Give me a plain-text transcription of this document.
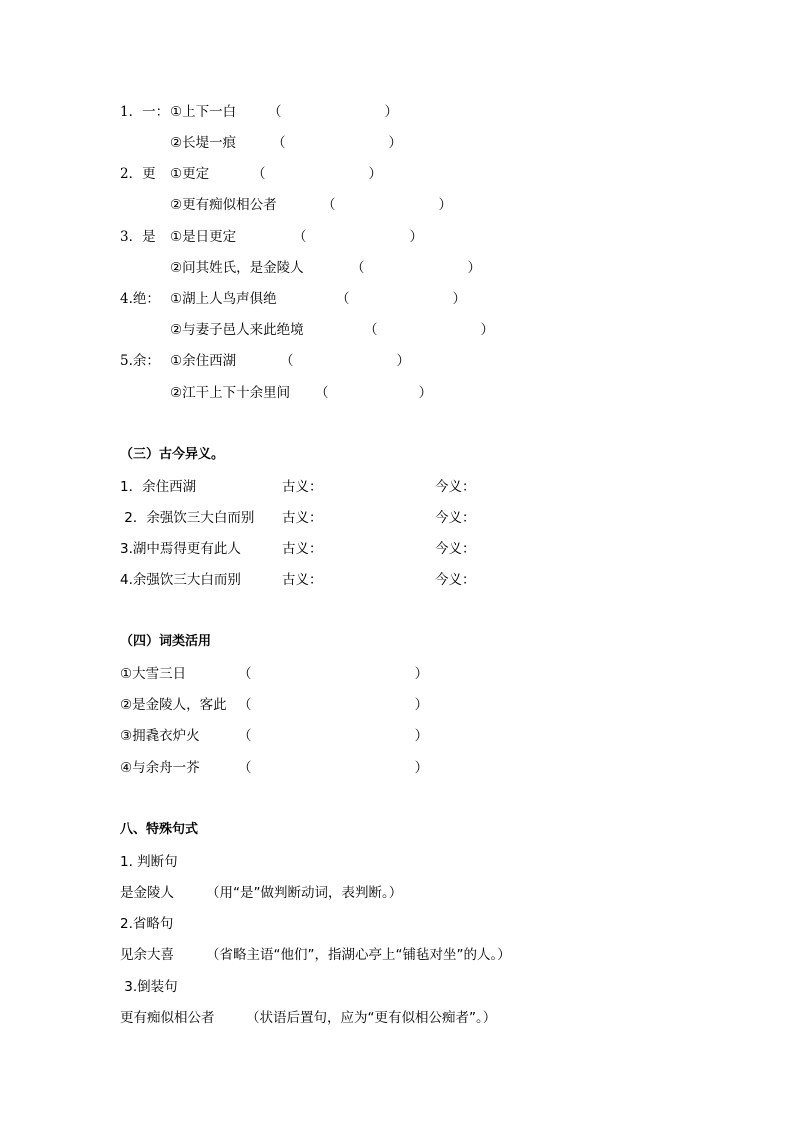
1．一： ①上下一白 （                        ）
②长堤一痕	（                        ）
2．更 ①更定	（                        ）
②更有痴似相公者	（                        ）
3．是 ①是日更定	（                        ）
②问其姓氏，是金陵人	（                        ）
4.绝： ①湖上人鸟声俱绝	（                        ）
②与妻子邑人来此绝境	（                        ）
5.余： ①余住西湖	（                        ）
②江干上下十余里间 （                     ）
（三）古今异义。
1．余住西湖	古义：	今义：
2．余强饮三大白而别 古义：	今义：
3.湖中焉得更有此人	古义：	今义：
4.余强饮三大白而别	古义：	今义：
（四）词类活用
①大雪三日	（                                      ）
②是金陵人，客此 （                                      ）
③拥毳衣炉火	（                                      ）
④与余舟一芥	（                                      ）
八、特殊句式
1. 判断句
是金陵人 （用“是”做判断动词，表判断。）
2.省略句
见余大喜 （省略主语“他们”，指湖心亭上“铺毡对坐”的人。）
3.倒装句
更有痴似相公者 （状语后置句，应为“更有似相公痴者”。）
